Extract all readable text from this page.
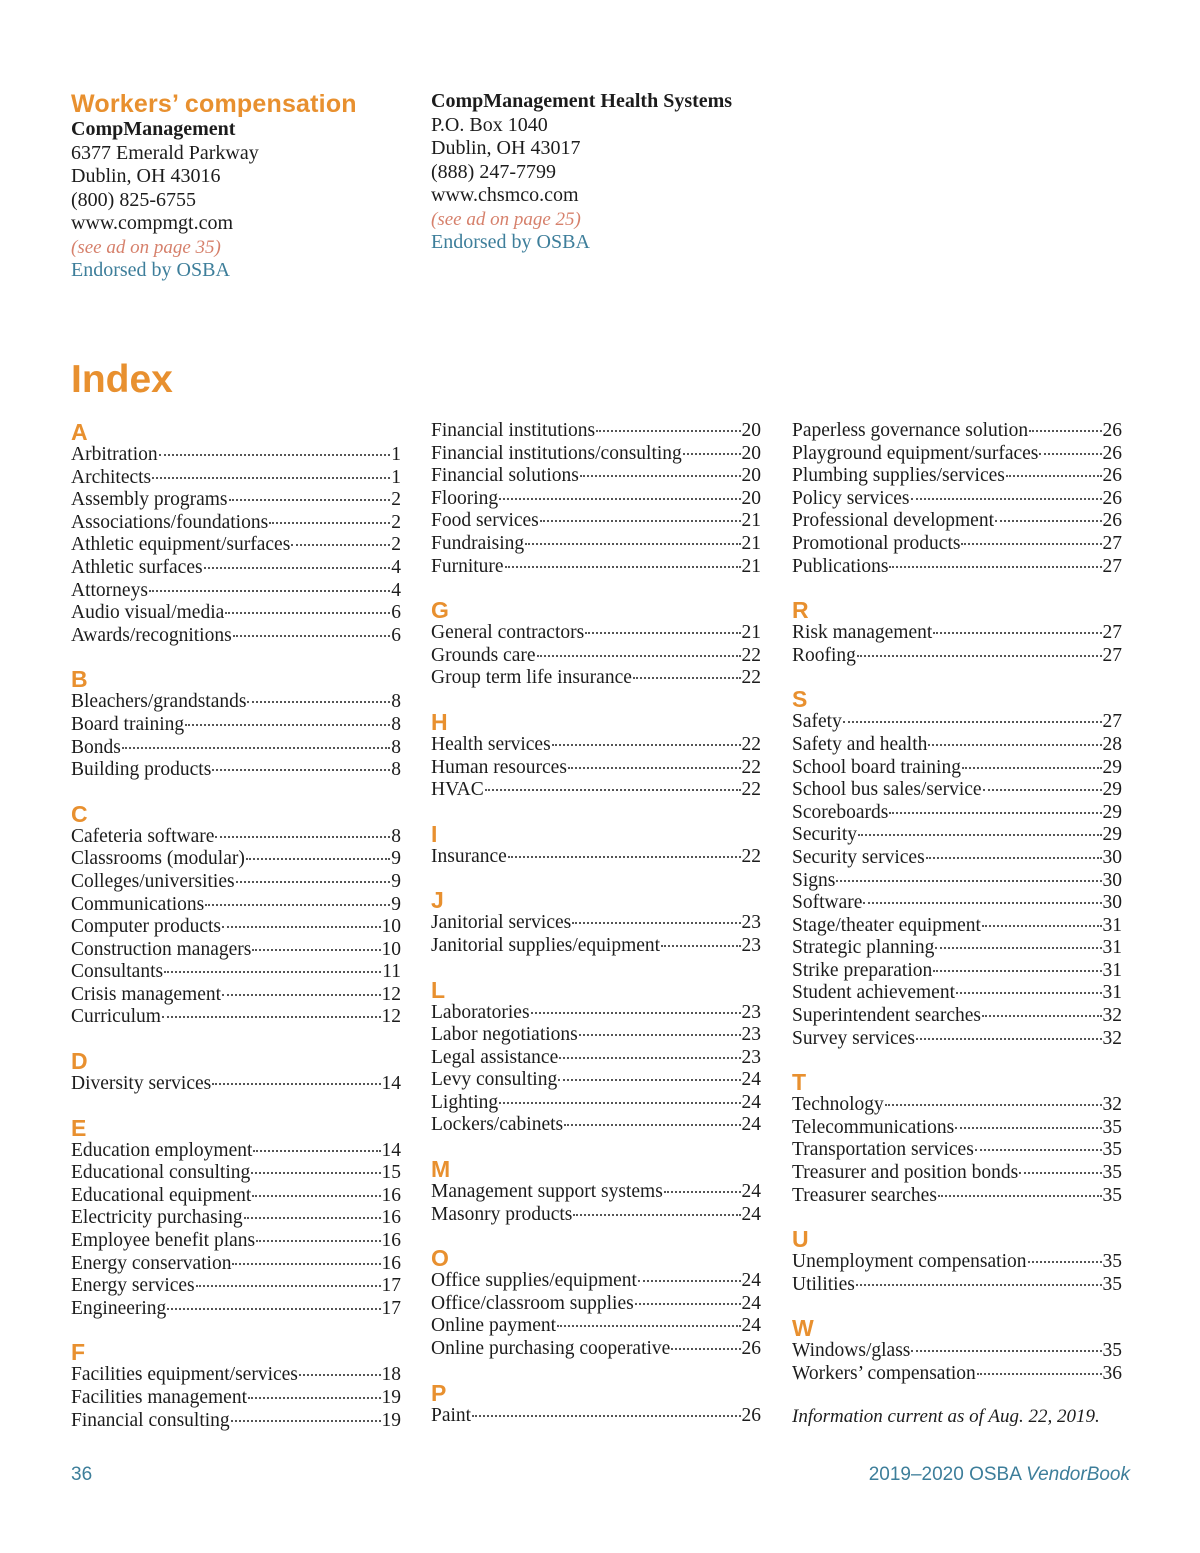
Workers’ compensation
CompManagement
6377 Emerald Parkway
Dublin, OH 43016
(800) 825-6755
www.compmgt.com
(see ad on page 35)
Endorsed by OSBA
CompManagement Health Systems
P.O. Box 1040
Dublin, OH 43017
(888) 247-7799
www.chsmco.com
(see ad on page 25)
Endorsed by OSBA
Index
A
Arbitration	1
Architects	1
Assembly programs	2
Associations/foundations	2
Athletic equipment/surfaces	2
Athletic surfaces	4
Attorneys	4
Audio visual/media	6
Awards/recognitions	6
B
Bleachers/grandstands	8
Board training	8
Bonds	8
Building products	8
C
Cafeteria software	8
Classrooms (modular)	9
Colleges/universities	9
Communications	9
Computer products	10
Construction managers	10
Consultants	11
Crisis management	12
Curriculum	12
D
Diversity services	14
E
Education employment	14
Educational consulting	15
Educational equipment	16
Electricity purchasing	16
Employee benefit plans	16
Energy conservation	16
Energy services	17
Engineering	17
F
Facilities equipment/services	18
Facilities management	19
Financial consulting	19
Financial institutions	20
Financial institutions/consulting	20
Financial solutions	20
Flooring	20
Food services	21
Fundraising	21
Furniture	21
G
General contractors	21
Grounds care	22
Group term life insurance	22
H
Health services	22
Human resources	22
HVAC	22
I
Insurance	22
J
Janitorial services	23
Janitorial supplies/equipment	23
L
Laboratories	23
Labor negotiations	23
Legal assistance	23
Levy consulting	24
Lighting	24
Lockers/cabinets	24
M
Management support systems	24
Masonry products	24
O
Office supplies/equipment	24
Office/classroom supplies	24
Online payment	24
Online purchasing cooperative	26
P
Paint	26
Paperless governance solution	26
Playground equipment/surfaces	26
Plumbing supplies/services	26
Policy services	26
Professional development	26
Promotional products	27
Publications	27
R
Risk management	27
Roofing	27
S
Safety	27
Safety and health	28
School board training	29
School bus sales/service	29
Scoreboards	29
Security	29
Security services	30
Signs	30
Software	30
Stage/theater equipment	31
Strategic planning	31
Strike preparation	31
Student achievement	31
Superintendent searches	32
Survey services	32
T
Technology	32
Telecommunications	35
Transportation services	35
Treasurer and position bonds	35
Treasurer searches	35
U
Unemployment compensation	35
Utilities	35
W
Windows/glass	35
Workers’ compensation	36
Information current as of Aug. 22, 2019.
36	2019–2020 OSBA VendorBook
